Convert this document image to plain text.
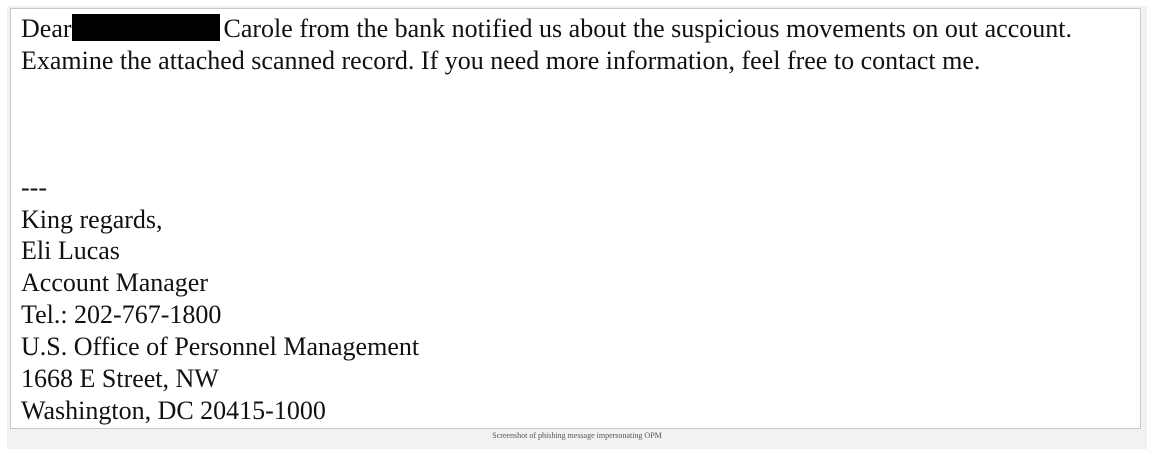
Dear	Carole from the bank notified us about the suspicious movements on out account.
Examine the attached scanned record. If you need more information, feel free to contact me.
---
King regards,
Eli Lucas
Account Manager
Tel.: 202-767-1800
U.S. Office of Personnel Management
1668 E Street, NW
Washington, DC 20415-1000
Screenshot of phishing message impersonating OPM
